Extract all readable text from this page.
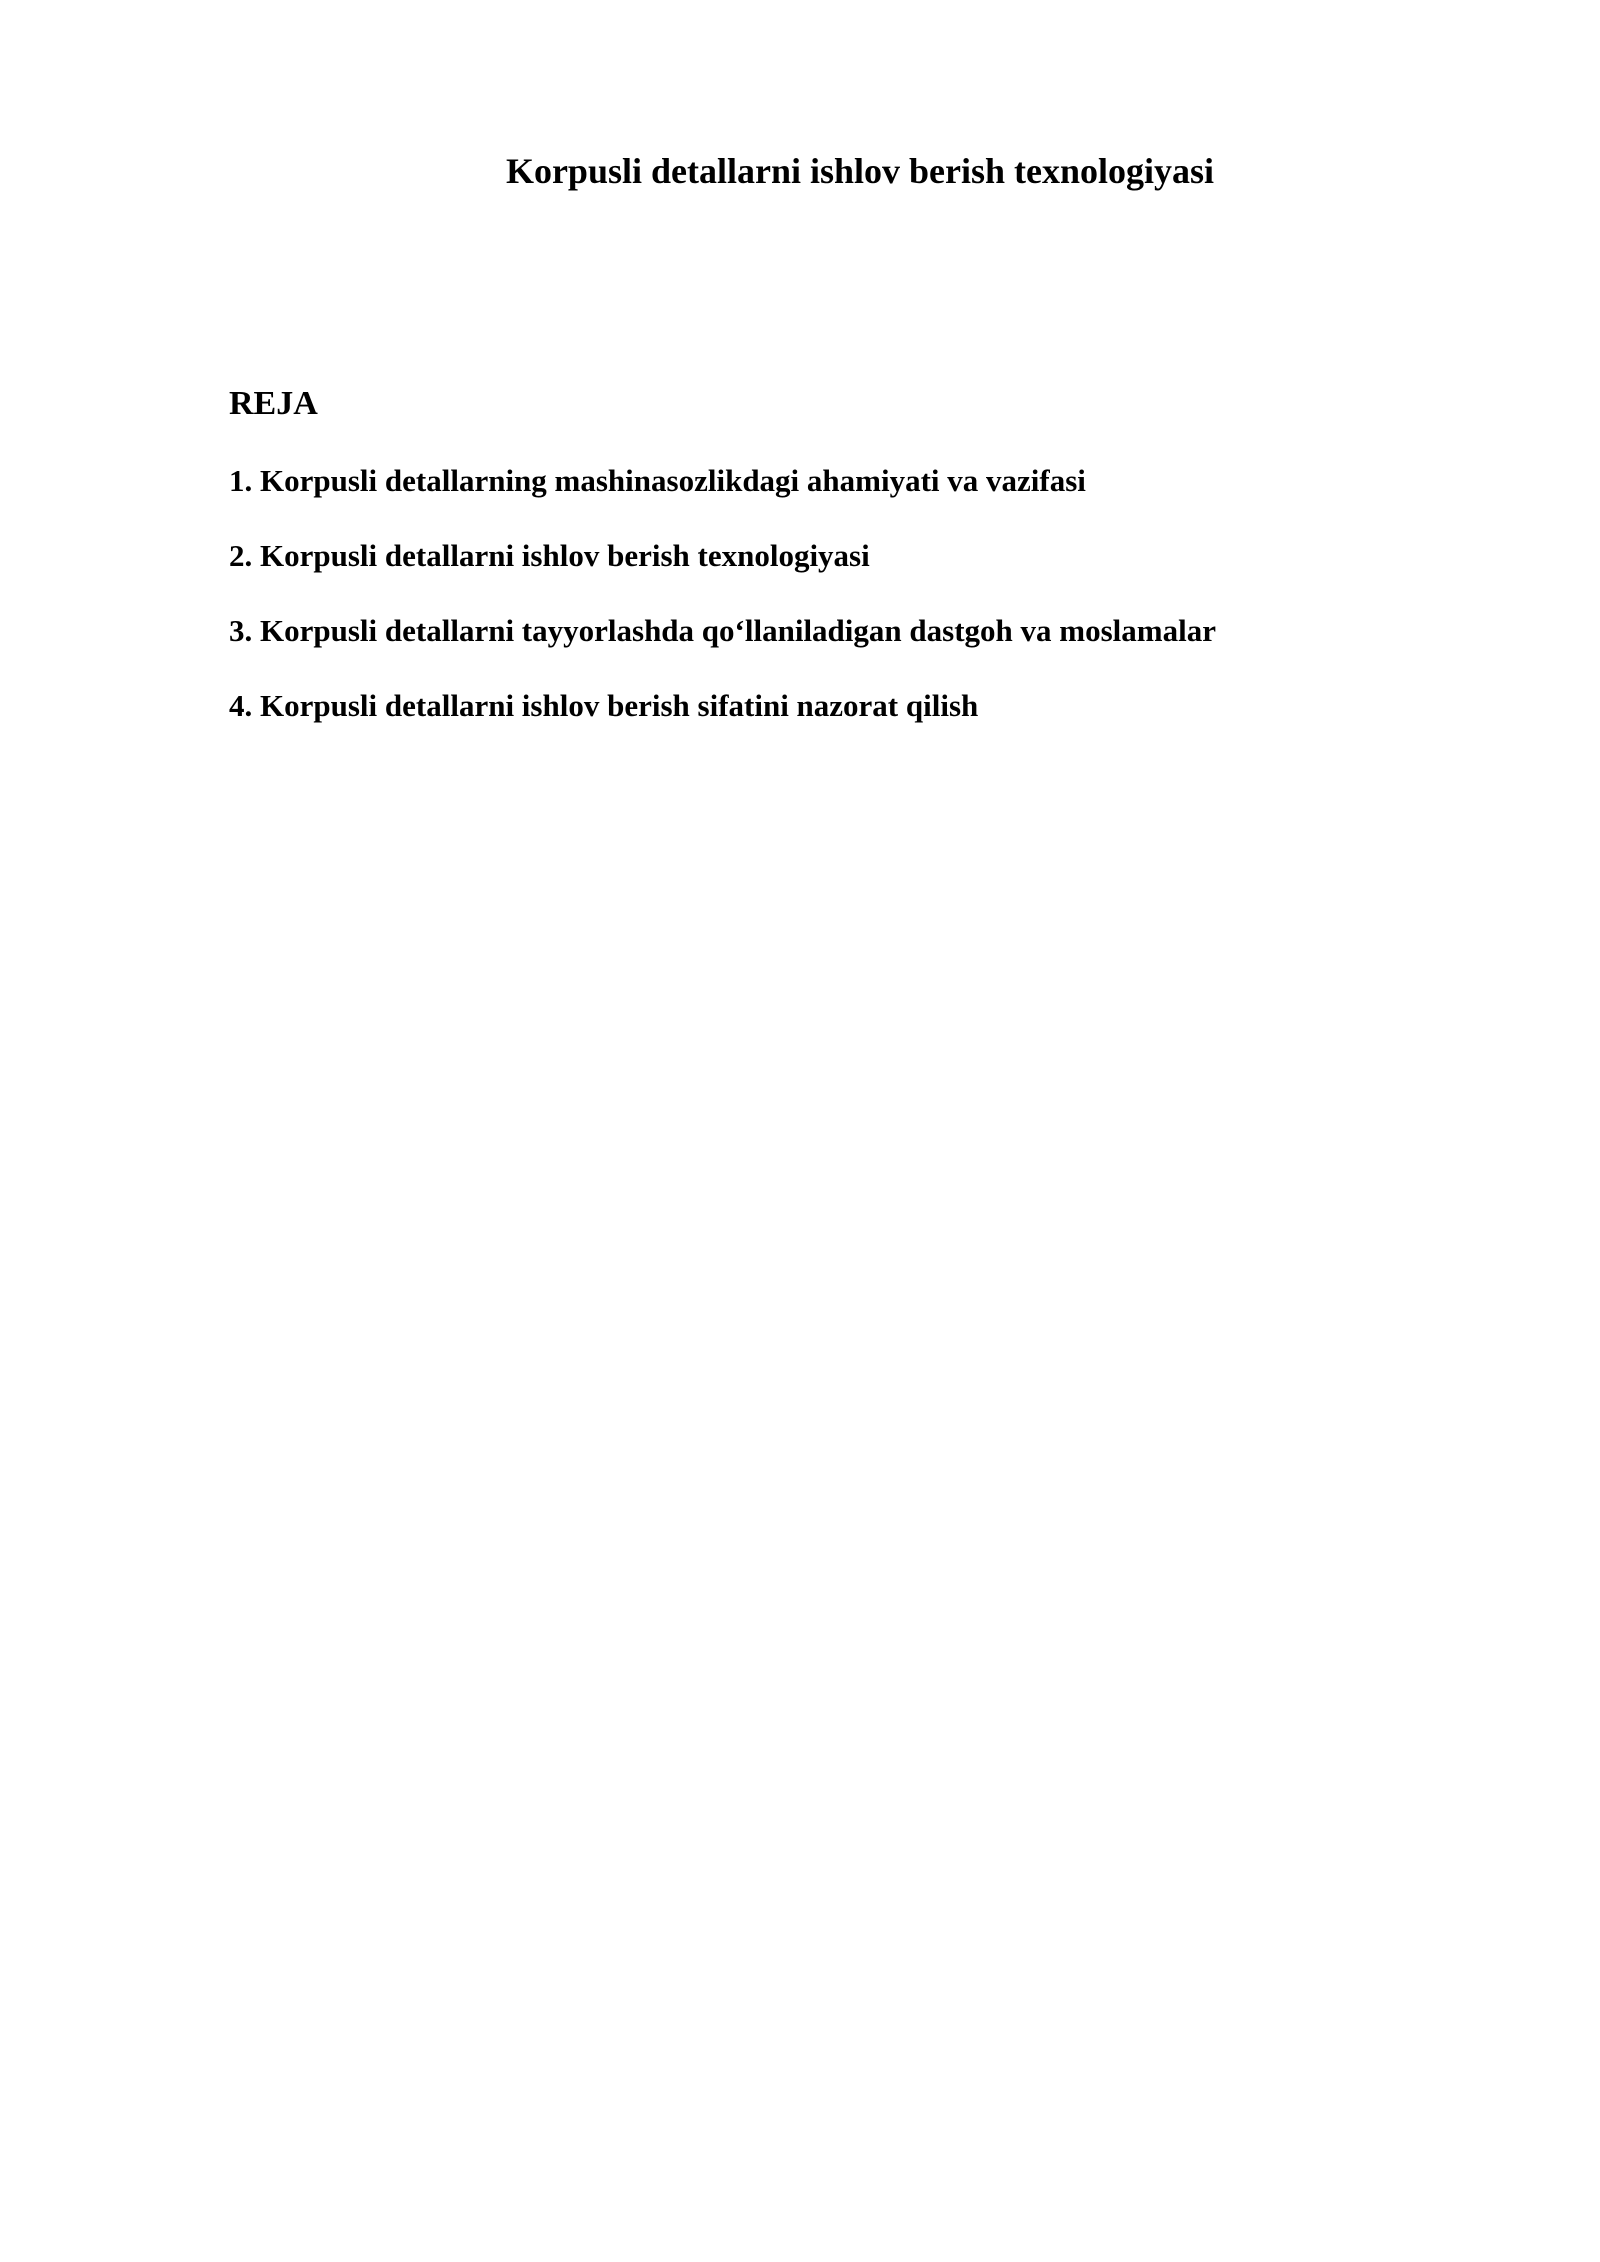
Korpusli detallarni ishlov berish texnologiyasi
REJA
1. Korpusli detallarning mashinasozlikdagi ahamiyati va vazifasi
2. Korpusli detallarni ishlov berish texnologiyasi
3. Korpusli detallarni tayyorlashda qo‘llaniladigan dastgoh va moslamalar
4. Korpusli detallarni ishlov berish sifatini nazorat qilish
